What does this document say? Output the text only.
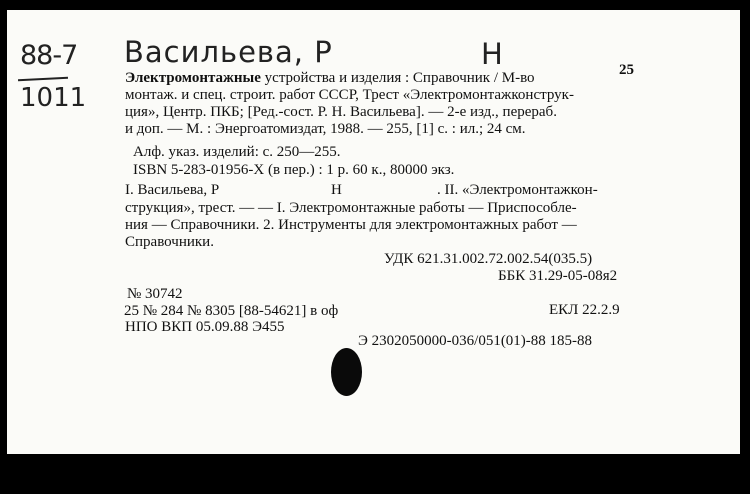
88-7
1011
Васильева, Р	Н	25
Электромонтажные устройства и изделия : Справочник / М-во
монтаж. и спец. строит. работ СССР, Трест «Электромонтажконструк-
ция», Центр. ПКБ; [Ред.-сост. Р. Н. Васильева]. — 2-е изд., перераб.
и доп. — М. : Энергоатомиздат, 1988. — 255, [1] с. : ил.; 24 см.
Алф. указ. изделий: с. 250—255.
ISBN 5-283-01956-Х (в пер.) : 1 р. 60 к., 80000 экз.
I. Васильева, Р	Н	. II. «Электромонтажкон-
струкция», трест. — — I. Электромонтажные работы — Приспособле-
ния — Справочники. 2. Инструменты для электромонтажных работ —
Справочники.
УДК 621.31.002.72.002.54(035.5)
ББК 31.29-05-08я2
№ 30742
25 № 284 № 8305 [88-54621] в оф	ЕКЛ 22.2.9
НПО ВКП 05.09.88 Э455
Э 2302050000-036/051(01)-88 185-88
